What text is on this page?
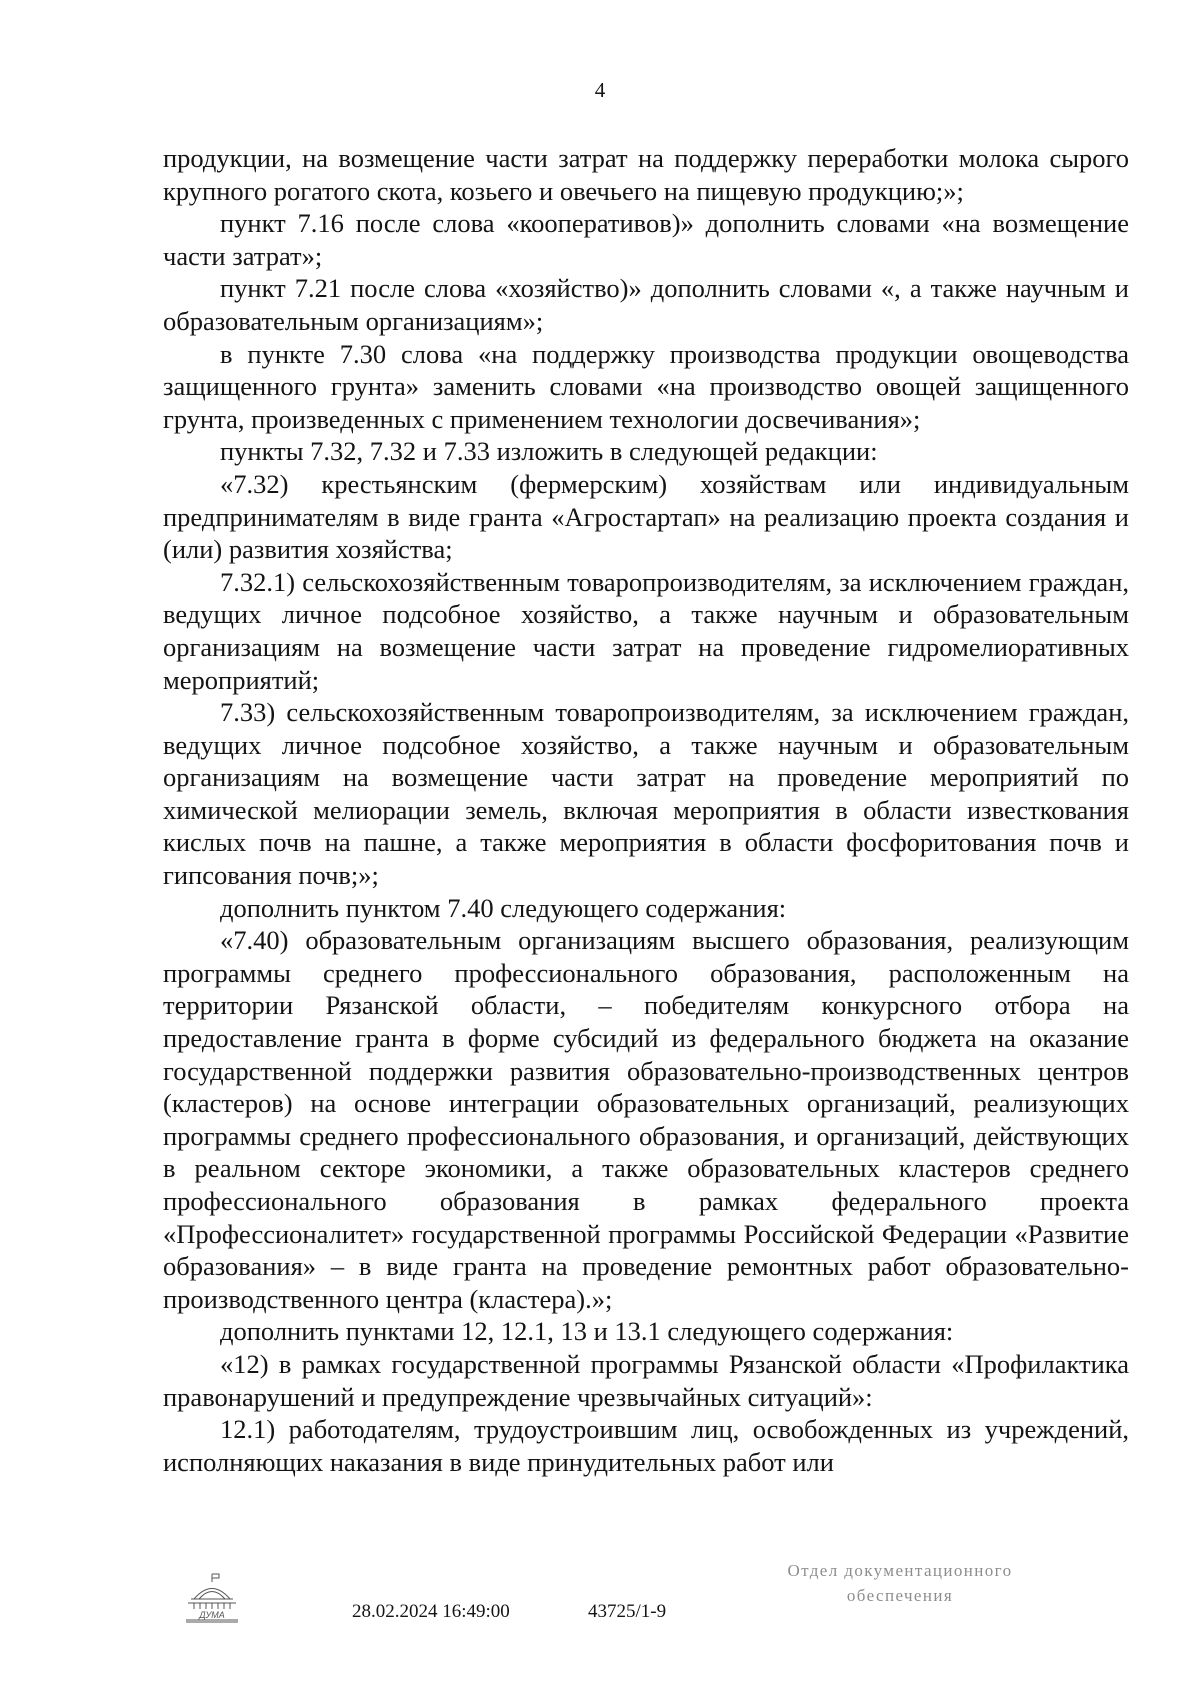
4

продукции, на возмещение части затрат на поддержку переработки молока сырого крупного рогатого скота, козьего и овечьего на пищевую продукцию;»;

пункт 7.16 после слова «кооперативов)» дополнить словами «на возмещение части затрат»;

пункт 7.21 после слова «хозяйство)» дополнить словами «, а также научным и образовательным организациям»;

в пункте 7.30 слова «на поддержку производства продукции овощеводства защищенного грунта» заменить словами «на производство овощей защищенного грунта, произведенных с применением технологии досвечивания»;

пункты 7.32, 7.32 и 7.33 изложить в следующей редакции:

«7.32) крестьянским (фермерским) хозяйствам или индивидуальным предпринимателям в виде гранта «Агростартап» на реализацию проекта создания и (или) развития хозяйства;

7.32.1) сельскохозяйственным товаропроизводителям, за исключением граждан, ведущих личное подсобное хозяйство, а также научным и образовательным организациям на возмещение части затрат на проведение гидромелиоративных мероприятий;

7.33) сельскохозяйственным товаропроизводителям, за исключением граждан, ведущих личное подсобное хозяйство, а также научным и образовательным организациям на возмещение части затрат на проведение мероприятий по химической мелиорации земель, включая мероприятия в области известкования кислых почв на пашне, а также мероприятия в области фосфоритования почв и гипсования почв;»;

дополнить пунктом 7.40 следующего содержания:

«7.40) образовательным организациям высшего образования, реализующим программы среднего профессионального образования, расположенным на территории Рязанской области, – победителям конкурсного отбора на предоставление гранта в форме субсидий из федерального бюджета на оказание государственной поддержки развития образовательно-производственных центров (кластеров) на основе интеграции образовательных организаций, реализующих программы среднего профессионального образования, и организаций, действующих в реальном секторе экономики, а также образовательных кластеров среднего профессионального образования в рамках федерального проекта «Профессионалитет» государственной программы Российской Федерации «Развитие образования» – в виде гранта на проведение ремонтных работ образовательно-производственного центра (кластера).»;

дополнить пунктами 12, 12.1, 13 и 13.1 следующего содержания:

«12) в рамках государственной программы Рязанской области «Профилактика правонарушений и предупреждение чрезвычайных ситуаций»:

12.1) работодателям, трудоустроившим лиц, освобожденных из учреждений, исполняющих наказания в виде принудительных работ или

ДУМА	28.02.2024 16:49:00	43725/1-9
Отдел документационного
обеспечения
